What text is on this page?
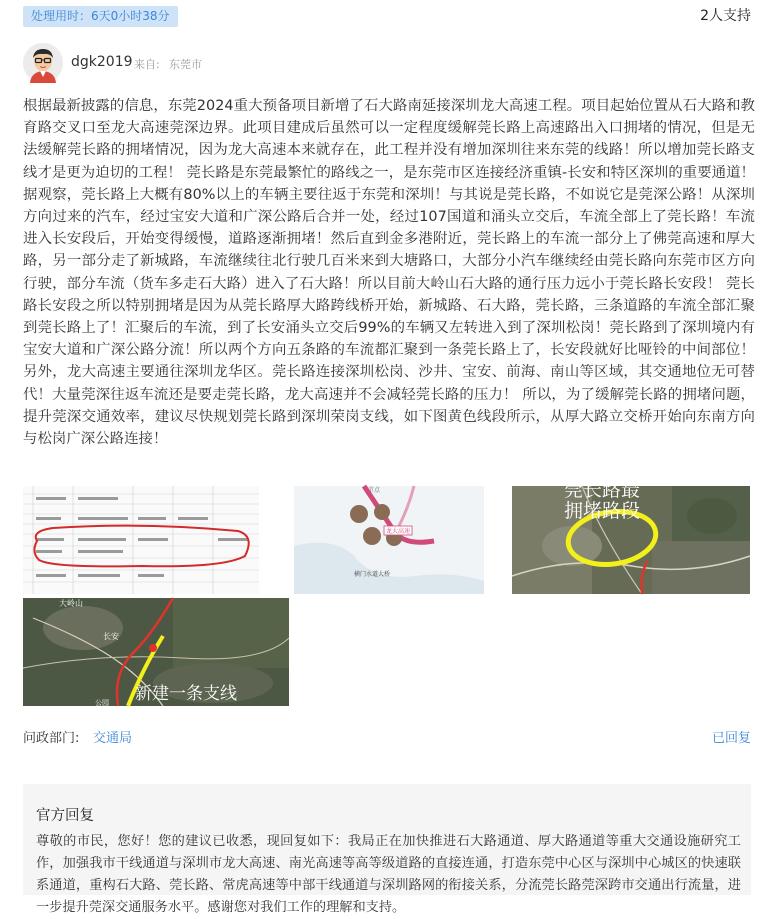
处理用时：6天0小时38分	2人支持
dgk2019 来自: 东莞市
根据最新披露的信息，东莞2024重大预备项目新增了石大路南延接深圳龙大高速工程。项目起始位置从石大路和教育路交叉口至龙大高速莞深边界。此项目建成后虽然可以一定程度缓解莞长路上高速路出入口拥堵的情况，但是无法缓解莞长路的拥堵情况，因为龙大高速本来就存在，此工程并没有增加深圳往来东莞的线路！所以增加莞长路支线才是更为迫切的工程！ 莞长路是东莞最繁忙的路线之一，是东莞市区连接经济重镇-长安和特区深圳的重要通道！据观察，莞长路上大概有80%以上的车辆主要往返于东莞和深圳！与其说是莞长路，不如说它是莞深公路！从深圳方向过来的汽车，经过宝安大道和广深公路后合并一处，经过107国道和涌头立交后，车流全部上了莞长路！车流进入长安段后，开始变得缓慢，道路逐渐拥堵！然后直到金多港附近，莞长路上的车流一部分上了佛莞高速和厚大路，另一部分走了新城路，车流继续往北行驶几百米来到大塘路口，大部分小汽车继续经由莞长路向东莞市区方向行驶，部分车流（货车多走石大路）进入了石大路！所以目前大岭山石大路的通行压力远小于莞长路长安段！ 莞长路长安段之所以特别拥堵是因为从莞长路厚大路跨线桥开始，新城路、石大路，莞长路，三条道路的车流全部汇聚到莞长路上了！汇聚后的车流，到了长安涌头立交后99%的车辆又左转进入到了深圳松岗！莞长路到了深圳境内有宝安大道和广深公路分流！所以两个方向五条路的车流都汇聚到一条莞长路上了，长安段就好比哑铃的中间部位！ 另外，龙大高速主要通往深圳龙华区。莞长路连接深圳松岗、沙井、宝安、前海、南山等区域，其交通地位无可替代！大量莞深往返车流还是要走莞长路，龙大高速并不会减轻莞长路的压力！ 所以，为了缓解莞长路的拥堵问题，提升莞深交通效率，建议尽快规划莞长路到深圳荣岗支线，如下图黄色线段所示，从厚大路立交桥开始向东南方向与松岗广深公路连接！
龙大高速
节点
横门水道大桥
莞长路最 拥堵路段
大岭山
长安
公园 新建一条支线
问政部门: 交通局	已回复
官方回复
尊敬的市民，您好！您的建议已收悉，现回复如下：我局正在加快推进石大路通道、厚大路通道等重大交通设施研究工作，加强我市干线通道与深圳市龙大高速、南光高速等高等级道路的直接连通，打造东莞中心区与深圳中心城区的快速联系通道，重构石大路、莞长路、常虎高速等中部干线通道与深圳路网的衔接关系，分流莞长路莞深跨市交通出行流量，进一步提升莞深交通服务水平。感谢您对我们工作的理解和支持。
